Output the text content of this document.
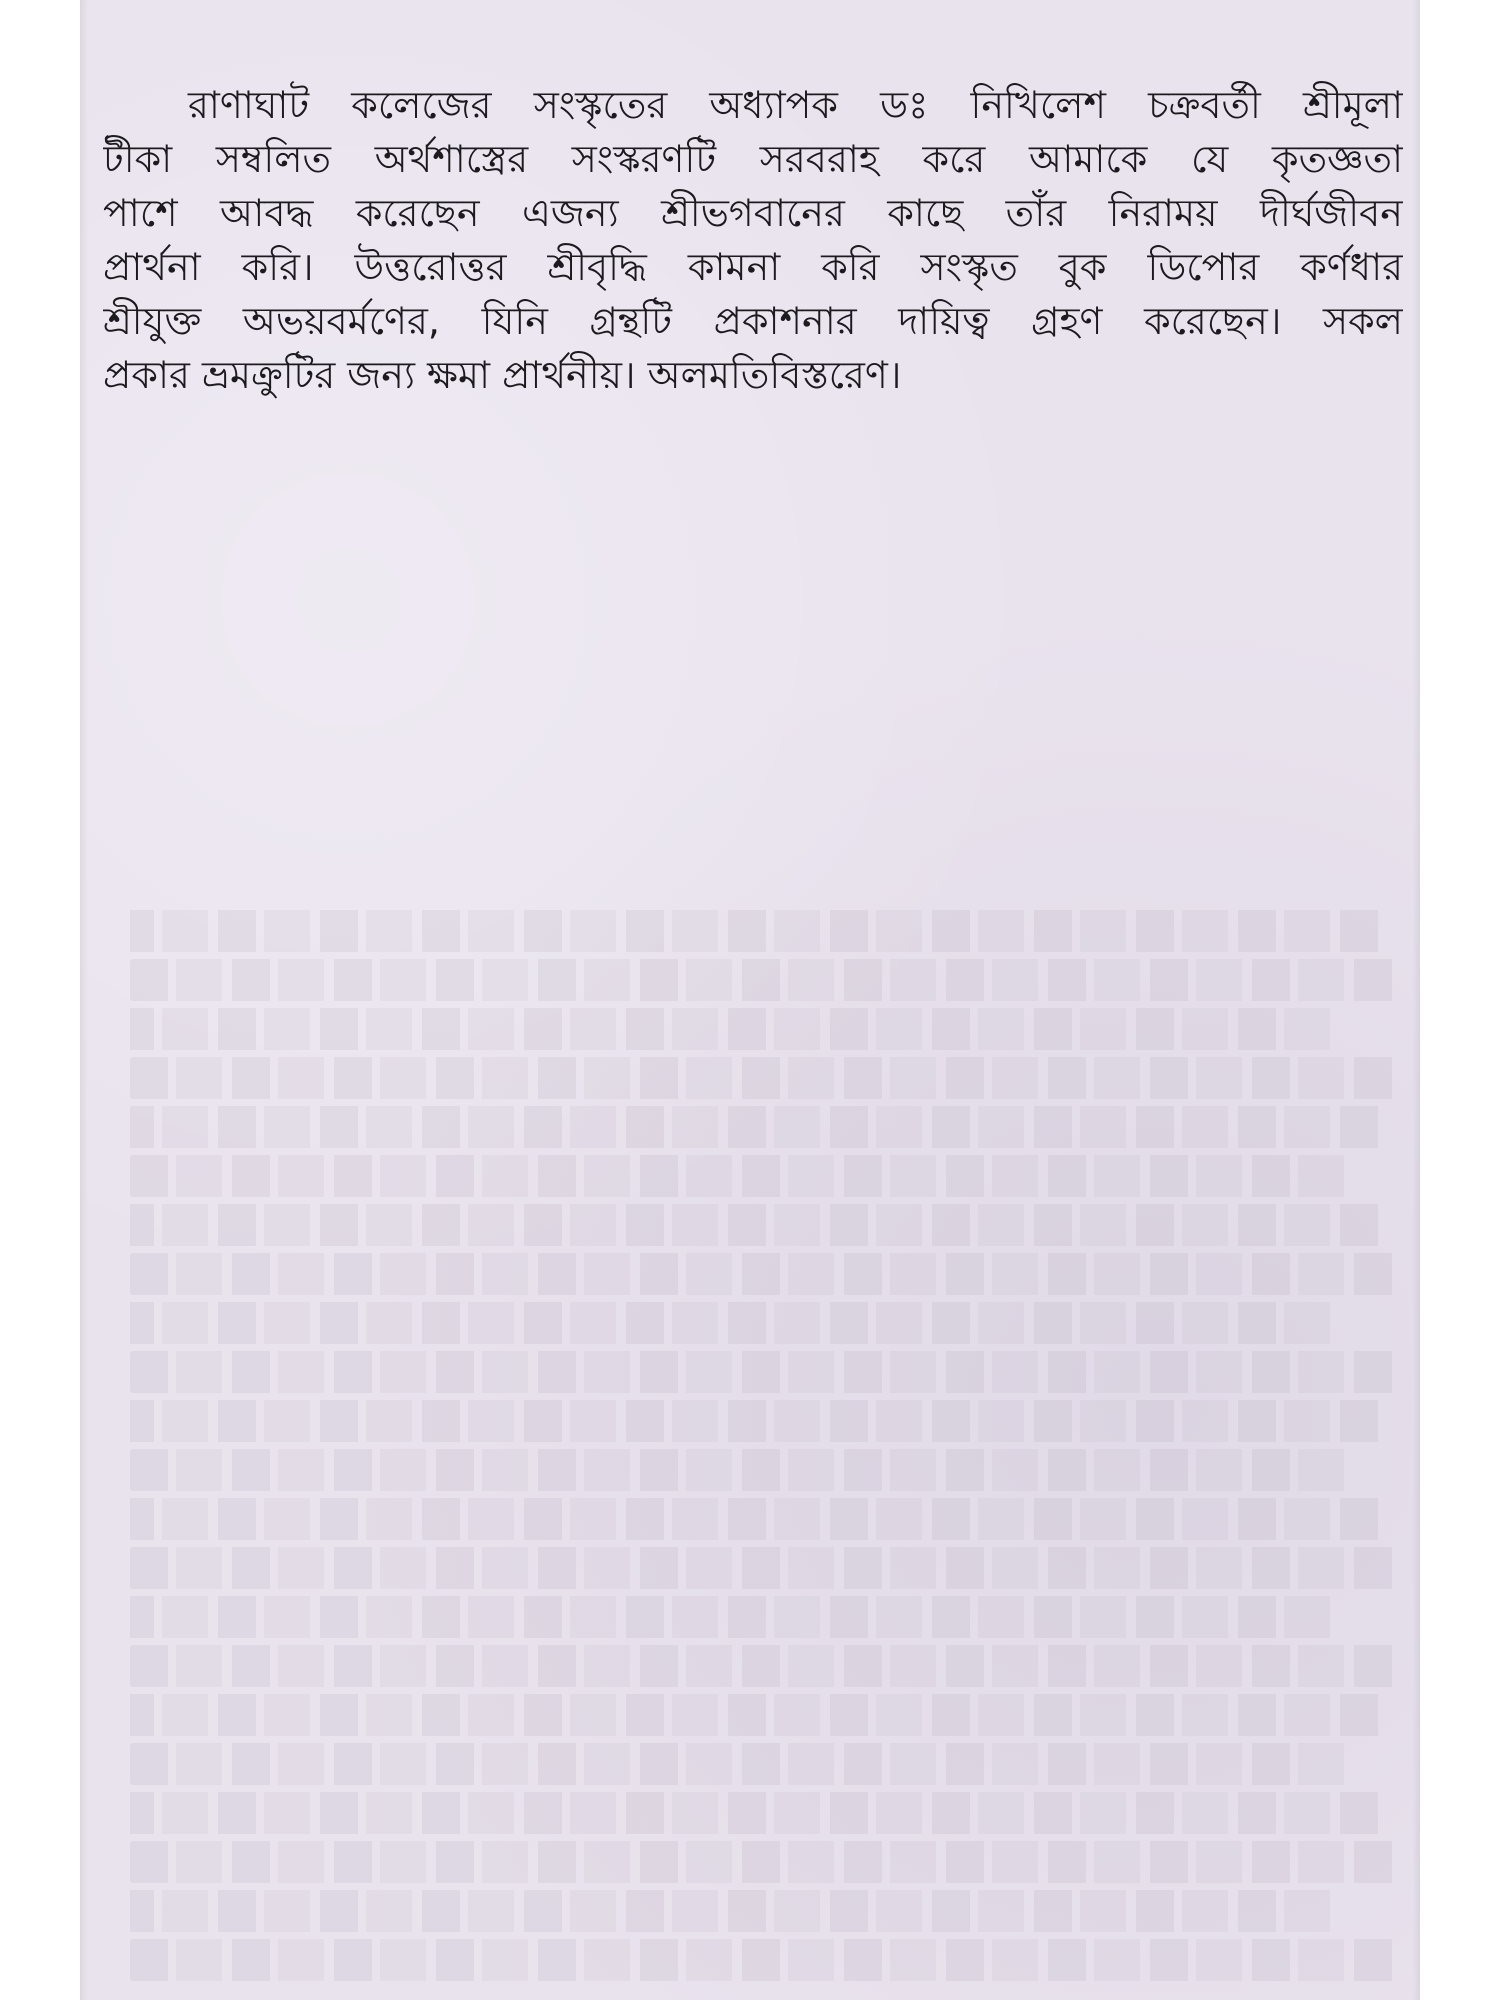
রাণাঘাট কলেজের সংস্কৃতের অধ্যাপক ডঃ নিখিলেশ চক্রবর্তী শ্রীমূলা
টীকা সম্বলিত অর্থশাস্ত্রের সংস্করণটি সরবরাহ করে আমাকে যে কৃতজ্ঞতা
পাশে আবদ্ধ করেছেন এজন্য শ্রীভগবানের কাছে তাঁর নিরাময় দীর্ঘজীবন
প্রার্থনা করি। উত্তরোত্তর শ্রীবৃদ্ধি কামনা করি সংস্কৃত বুক ডিপোর কর্ণধার
শ্রীযুক্ত অভয়বর্মণের, যিনি গ্রন্থটি প্রকাশনার দায়িত্ব গ্রহণ করেছেন। সকল
প্রকার ভ্রমক্রুটির জন্য ক্ষমা প্রার্থনীয়। অলমতিবিস্তরেণ।
